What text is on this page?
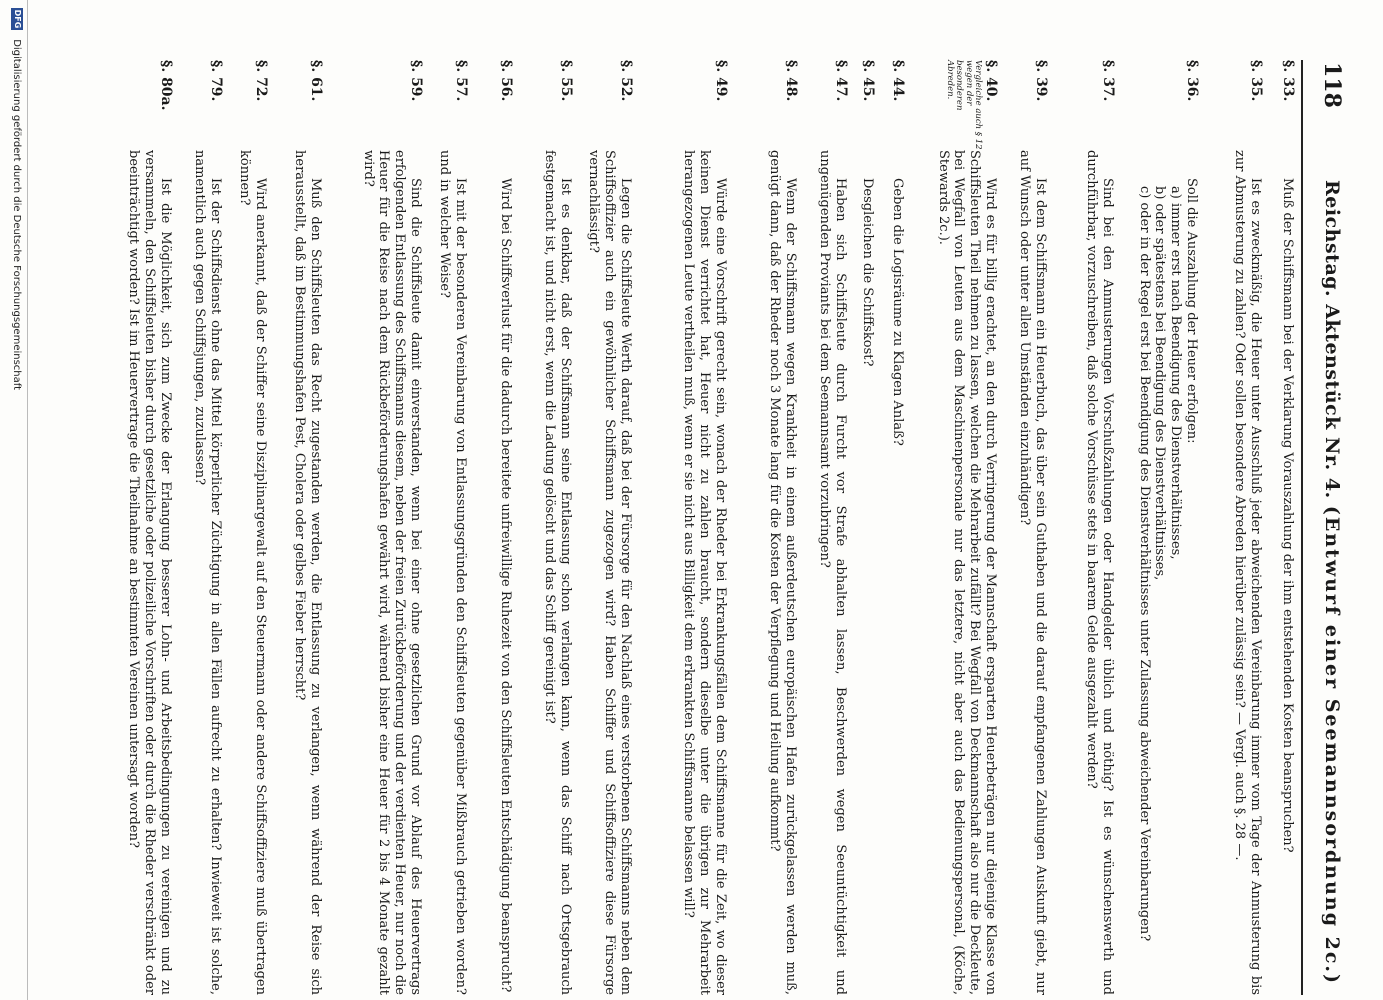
118
Reichstag. Aktenstück Nr. 4. (Entwurf einer Seemannsordnung 2c.)
§. 33.
Muß der Schiffsmann bei der Verklarung Vorauszahlung der ihm entstehenden Kosten beanspruchen?
§. 35.
Ist es zweckmäßig, die Heuer unter Ausschluß jeder abweichenden Vereinbarung immer vom Tage der Anmusterung bis zur Abmusterung zu zahlen? Oder sollen besondere Abreden hierüber zulässig sein? — Vergl. auch §. 28 —.
§. 36.
Soll die Auszahlung der Heuer erfolgen:
a) immer erst nach Beendigung des Dienstverhältnisses,
b) oder spätestens bei Beendigung des Dienstverhältnisses,
c) oder in der Regel erst bei Beendigung des Dienstverhältnisses unter Zulassung abweichender Vereinbarungen?
§. 37.
Sind bei den Anmusterungen Vorschußzahlungen oder Handgelder üblich und nöthig? Ist es wünschenswerth und durchführbar, vorzuschreiben, daß solche Vorschüsse stets in baarem Gelde ausgezahlt werden?
§. 39.
Ist dem Schiffsmann ein Heuerbuch, das über sein Guthaben und die darauf empfangenen Zahlungen Auskunft giebt, nur auf Wunsch oder unter allen Umständen einzuhändigen?
§. 40.
Vergleiche auch § 12 wegen der besonderen Abreden.
Wird es für billig erachtet, an den durch Verringerung der Mannschaft ersparten Heuerbeträgen nur diejenige Klasse von Schiffsleuten Theil nehmen zu lassen, welchen die Mehrarbeit zufällt? Bei Wegfall von Deckmannschaft also nur die Deckleute, bei Wegfall von Leuten aus dem Maschinenpersonale nur das letztere, nicht aber auch das Bedienungspersonal, (Köche, Stewards 2c.).
§. 44.
Geben die Logisräume zu Klagen Anlaß?
§. 45.
Desgleichen die Schiffskost?
§. 47.
Haben sich Schiffsleute durch Furcht vor Strafe abhalten lassen, Beschwerden wegen Seeuntüchtigkeit und ungenügenden Proviants bei dem Seemannsamt vorzubringen?
§. 48.
Wenn der Schiffsmann wegen Krankheit in einem außerdeutschen europäischen Hafen zurückgelassen werden muß, genügt dann, daß der Rheder noch 3 Monate lang für die Kosten der Verpflegung und Heilung aufkommt?
§. 49.
Würde eine Vorschrift gerecht sein, wonach der Rheder bei Erkrankungsfällen dem Schiffsmanne für die Zeit, wo dieser keinen Dienst verrichtet hat, Heuer nicht zu zahlen braucht, sondern dieselbe unter die übrigen zur Mehrarbeit herangezogenen Leute vertheilen muß, wenn er sie nicht aus Billigkeit dem erkrankten Schiffsmanne belassen will?
§. 52.
Legen die Schiffsleute Werth darauf, daß bei der Fürsorge für den Nachlaß eines verstorbenen Schiffsmanns neben dem Schiffsoffizier auch ein gewöhnlicher Schiffsmann zugezogen wird? Haben Schiffer und Schiffsoffiziere diese Fürsorge vernachlässigt?
§. 55.
Ist es denkbar, daß der Schiffsmann seine Entlassung schon verlangen kann, wenn das Schiff nach Ortsgebrauch festgemacht ist, und nicht erst, wenn die Ladung gelöscht und das Schiff gereinigt ist?
§. 56.
Wird bei Schiffsverlust für die dadurch bereitete unfreiwillige Ruhezeit von den Schiffsleuten Entschädigung beansprucht?
§. 57.
Ist mit der besonderen Vereinbarung von Entlassungsgründen den Schiffsleuten gegenüber Mißbrauch getrieben worden? und in welcher Weise?
§. 59.
Sind die Schiffsleute damit einverstanden, wenn bei einer ohne gesetzlichen Grund vor Ablauf des Heuervertrags erfolgenden Entlassung des Schiffsmanns diesem, neben der freien Zurückbeförderung und der verdienten Heuer, nur noch die Heuer für die Reise nach dem Rückbeförderungshafen gewährt wird, während bisher eine Heuer für 2 bis 4 Monate gezahlt wird?
§. 61.
Muß den Schiffsleuten das Recht zugestanden werden, die Entlassung zu verlangen, wenn während der Reise sich herausstellt, daß im Bestimmungshafen Pest, Cholera oder gelbes Fieber herrscht?
§. 72.
Wird anerkannt, daß der Schiffer seine Disziplinargewalt auf den Steuermann oder andere Schiffsoffiziere muß übertragen können?
§. 79.
Ist der Schiffsdienst ohne das Mittel körperlicher Züchtigung in allen Fällen aufrecht zu erhalten? Inwieweit ist solche, namentlich auch gegen Schiffsjungen, zuzulassen?
§. 80a.
Ist die Möglichkeit, sich zum Zwecke der Erlangung besserer Lohn- und Arbeitsbedingungen zu vereinigen und zu versammeln, den Schiffsleuten bisher durch gesetzliche oder polizeiliche Vorschriften oder durch die Rheder verschränkt oder beeinträchtigt worden? Ist im Heuervertrage die Theilnahme an bestimmten Vereinen untersagt worden?
DFG Digitalisierung gefördert durch die Deutsche Forschungsgemeinschaft
